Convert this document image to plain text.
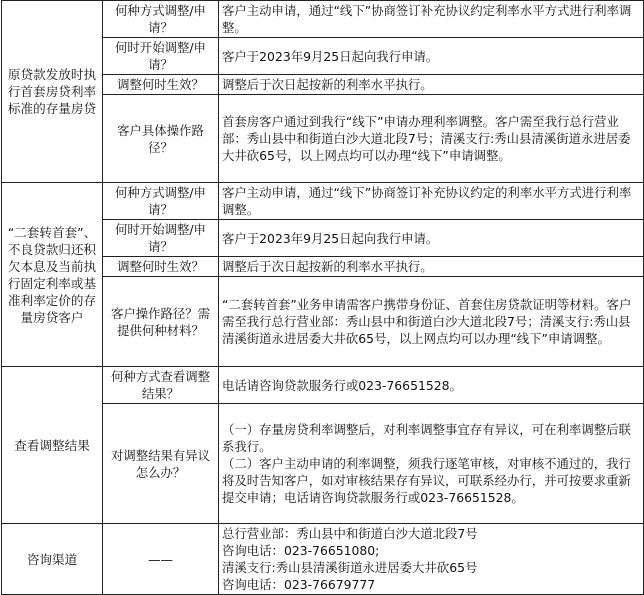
原贷款发放时执行首套房贷利率标准的存量房贷	何种方式调整/申请？	客户主动申请，通过“线下”协商签订补充协议约定利率水平方式进行利率调整。

	何时开始调整/申请？	客户于2023年9月25日起向我行申请。

	调整何时生效？	调整后于次日起按新的利率水平执行。

	客户具体操作路径？	首套房客户通过到我行“线下”申请办理利率调整。客户需至我行总行营业部：秀山县中和街道白沙大道北段7号；清溪支行:秀山县清溪街道永进居委大井砍65号，以上网点均可以办理“线下”申请调整。

“二套转首套”、不良贷款归还积欠本息及当前执行固定利率或基准利率定价的存量房贷客户	何种方式调整/申请？	客户主动申请，通过“线下”协商签订补充协议约定的利率水平方式进行利率调整。

	何时开始调整/申请？	客户于2023年9月25日起向我行申请。

	调整何时生效？	调整后于次日起按新的利率水平执行。

	客户操作路径？需提供何种材料？	“二套转首套”业务申请需客户携带身份证、首套住房贷款证明等材料。客户需至我行总行营业部：秀山县中和街道白沙大道北段7号；清溪支行:秀山县清溪街道永进居委大井砍65号，以上网点均可以办理“线下”申请调整。

查看调整结果	何种方式查看调整结果？	电话请咨询贷款服务行或023-76651528。

	对调整结果有异议怎么办？	（一）存量房贷利率调整后，对利率调整事宜存有异议，可在利率调整后联系我行。

（二）客户主动申请的利率调整，须我行逐笔审核，对审核不通过的，我行将及时告知客户，如对审核结果存有异议，可联系经办行，并可按要求重新提交申请；电话请咨询贷款服务行或023-76651528。

咨询渠道	——	总行营业部：秀山县中和街道白沙大道北段7号

咨询电话：023-76651080;

清溪支行:秀山县清溪街道永进居委大井砍65号

咨询电话：023-76679777
